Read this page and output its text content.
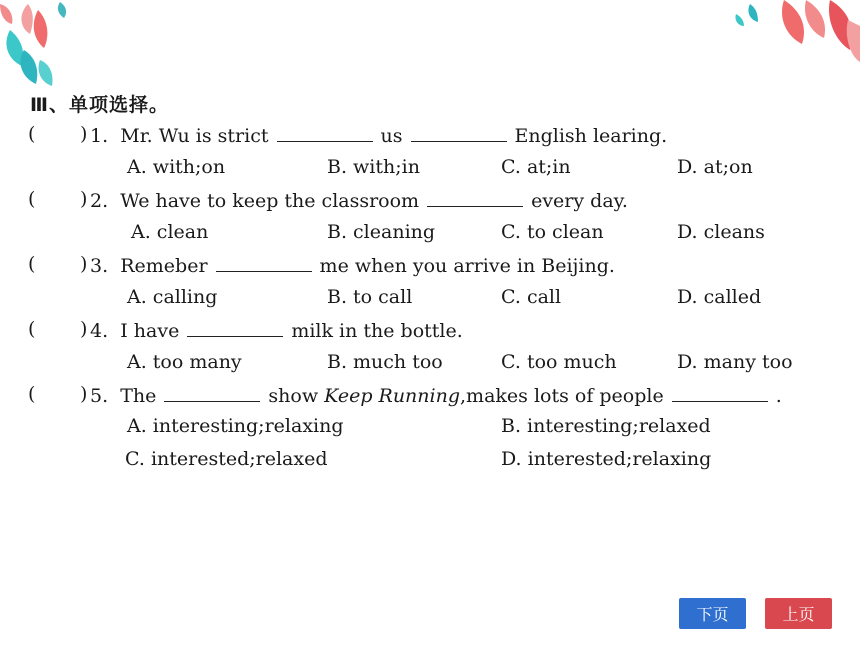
Ⅲ、单项选择。
( ) 1. Mr. Wu is strict	us	English learing.
A. with;on	B. with;in	C. at;in	D. at;on
( ) 2. We have to keep the classroom	every day.
A. clean	B. cleaning	C. to clean	D. cleans
( ) 3. Remeber	me when you arrive in Beijing.
A. calling	B. to call	C. call	D. called
( ) 4. I have	milk in the bottle.
A. too many	B. much too	C. too much	D. many too
( ) 5. The	show Keep Running,makes lots of people	.
A. interesting;relaxing	B. interesting;relaxed
C. interested;relaxed	D. interested;relaxing
下页	上页
